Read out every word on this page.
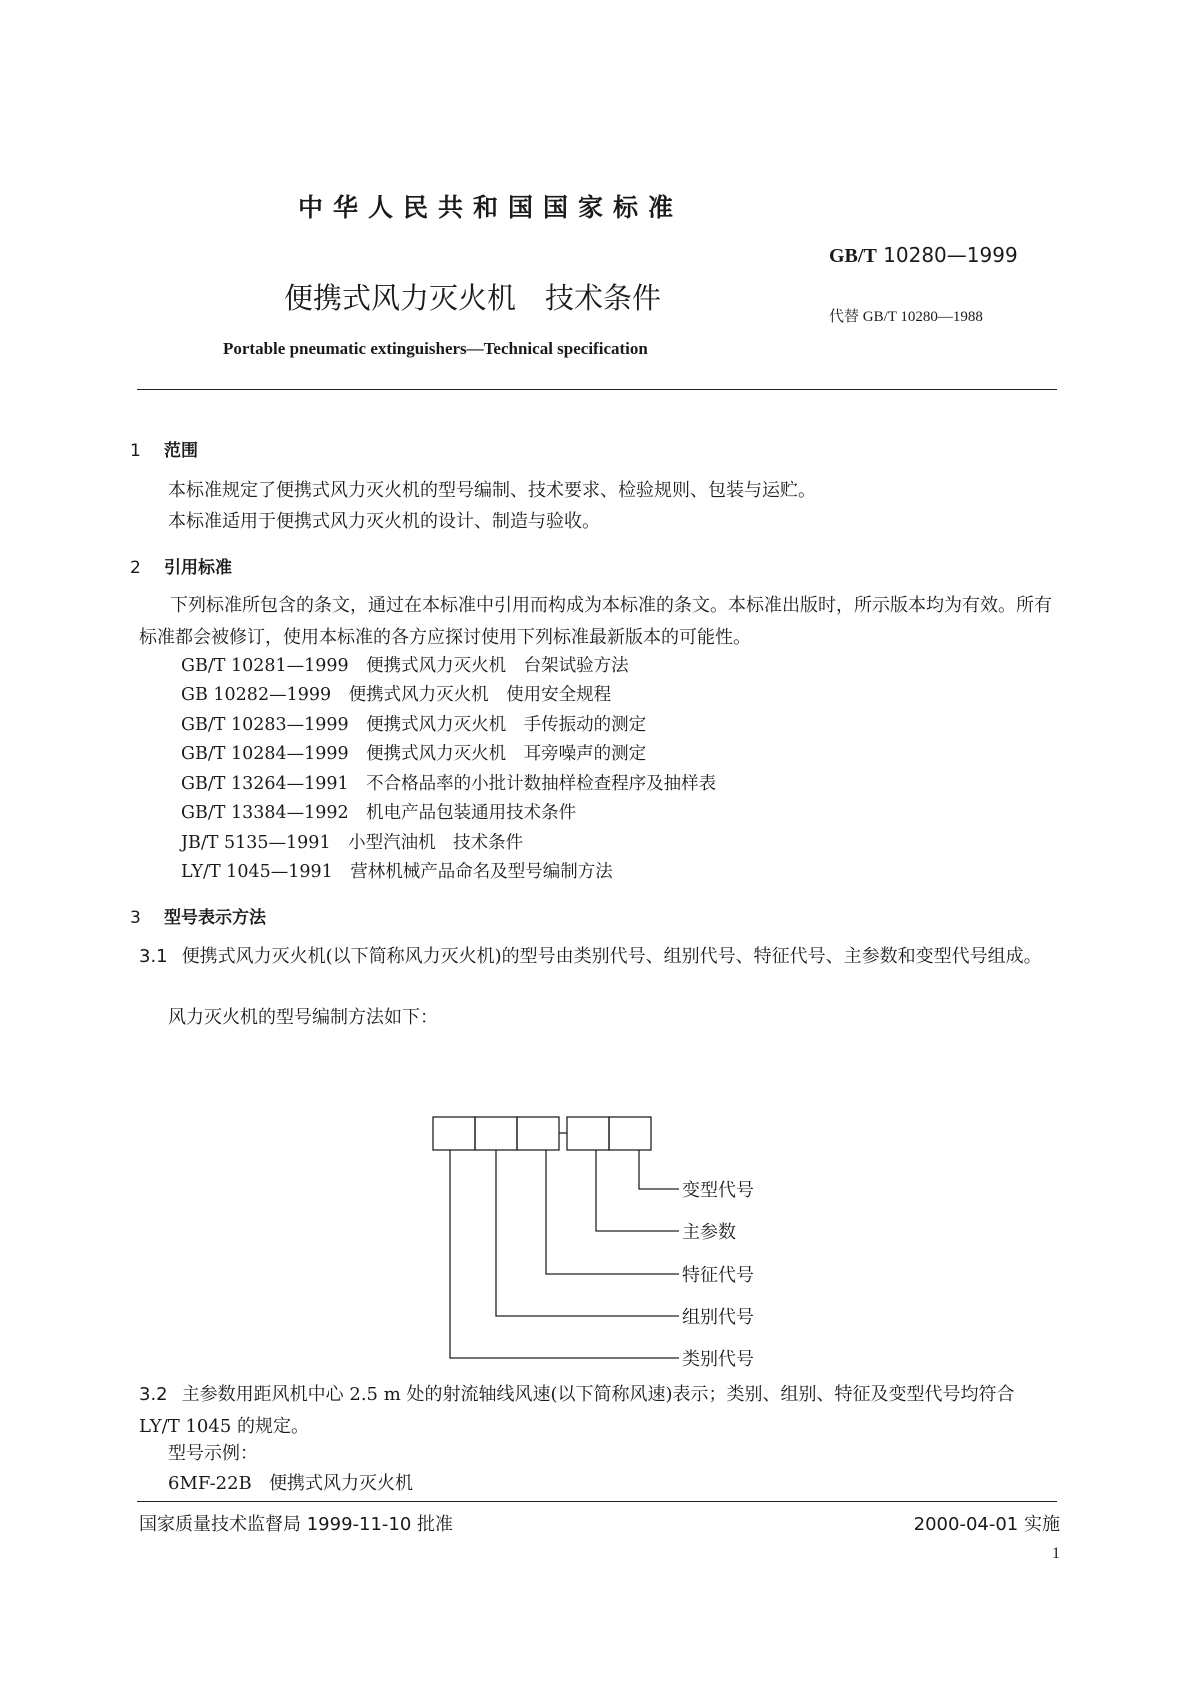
中华人民共和国国家标准
GB/T 10280—1999
便携式风力灭火机　技术条件
代替 GB/T 10280—1988
Portable pneumatic extinguishers—Technical specification
1 范围
本标准规定了便携式风力灭火机的型号编制、技术要求、检验规则、包装与运贮。
本标准适用于便携式风力灭火机的设计、制造与验收。
2 引用标准
下列标准所包含的条文，通过在本标准中引用而构成为本标准的条文。本标准出版时，所示版本均为有效。所有标准都会被修订，使用本标准的各方应探讨使用下列标准最新版本的可能性。
GB/T 10281—1999　便携式风力灭火机　台架试验方法
GB 10282—1999　便携式风力灭火机　使用安全规程
GB/T 10283—1999　便携式风力灭火机　手传振动的测定
GB/T 10284—1999　便携式风力灭火机　耳旁噪声的测定
GB/T 13264—1991　不合格品率的小批计数抽样检查程序及抽样表
GB/T 13384—1992　机电产品包装通用技术条件
JB/T 5135—1991　小型汽油机　技术条件
LY/T 1045—1991　营林机械产品命名及型号编制方法
3 型号表示方法
3.1 便携式风力灭火机(以下简称风力灭火机)的型号由类别代号、组别代号、特征代号、主参数和变型代号组成。
风力灭火机的型号编制方法如下：
变型代号
主参数
特征代号
组别代号
类别代号
3.2 主参数用距风机中心 2.5 m 处的射流轴线风速(以下简称风速)表示；类别、组别、特征及变型代号均符合 LY/T 1045 的规定。
型号示例：
6MF-22B 便携式风力灭火机
国家质量技术监督局 1999-11-10 批准	2000-04-01 实施
1
